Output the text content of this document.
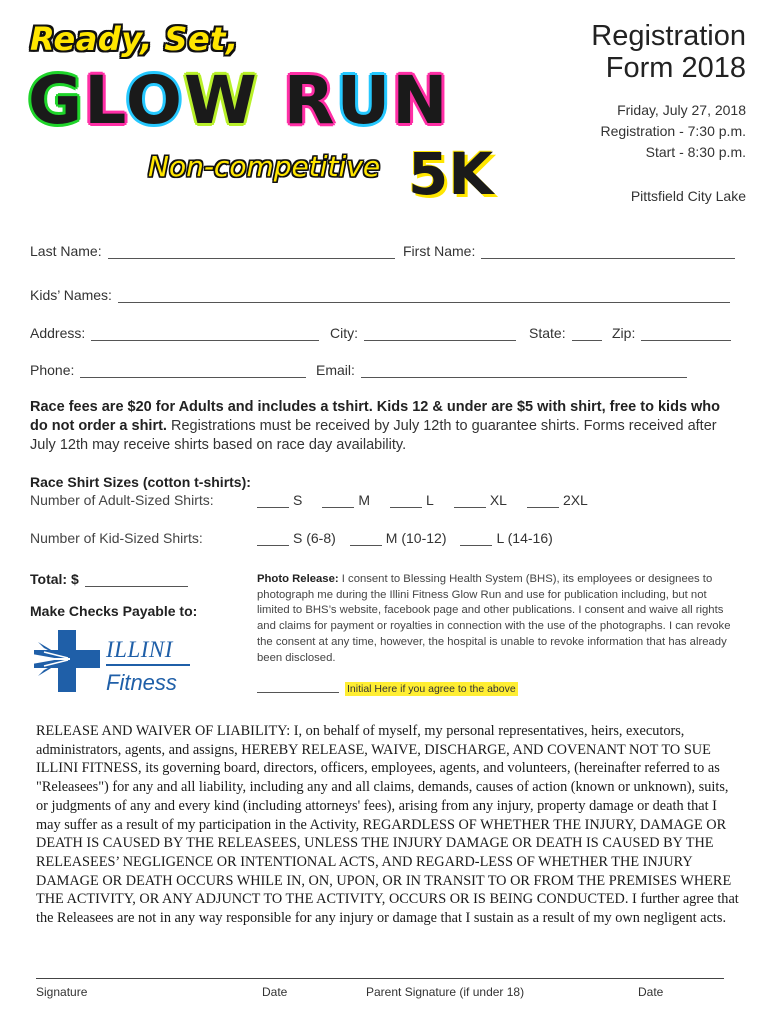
Ready, Set,
GLOW RUN
Non-competitive 5K
Registration
Form 2018
Friday, July 27, 2018
Registration - 7:30 p.m.
Start - 8:30 p.m.
Pittsfield City Lake
Last Name:	First Name:
Kids’ Names:
Address:	City:	State:	Zip:
Phone:	Email:
Race fees are $20 for Adults and includes a tshirt. Kids 12 & under are $5 with shirt, free to kids who do not order a shirt. Registrations must be received by July 12th to guarantee shirts. Forms received after July 12th may receive shirts based on race day availability.
Race Shirt Sizes (cotton t-shirts):
Number of Adult-Sized Shirts:	S	M	L	XL	2XL
Number of Kid-Sized Shirts:	S (6-8)	M (10-12)	L (14-16)
Total: $
Make Checks Payable to:
ILLINI
Fitness
Photo Release: I consent to Blessing Health System (BHS), its employees or designees to photograph me during the Illini Fitness Glow Run and use for publication including, but not limited to BHS’s website, facebook page and other publications. I consent and waive all rights and claims for payment or royalties in connection with the use of the photographs. I can revoke the consent at any time, however, the hospital is unable to revoke information that has already been disclosed.
Initial Here if you agree to the above
RELEASE AND WAIVER OF LIABILITY: I, on behalf of myself, my personal representatives, heirs, executors, administrators, agents, and assigns, HEREBY RELEASE, WAIVE, DISCHARGE, AND COVENANT NOT TO SUE ILLINI FITNESS, its governing board, directors, officers, employees, agents, and volunteers, (hereinafter referred to as "Releasees") for any and all liability, including any and all claims, demands, causes of action (known or unknown), suits, or judgments of any and every kind (including attorneys' fees), arising from any injury, property damage or death that I may suffer as a result of my participation in the Activity, REGARDLESS OF WHETHER THE INJURY, DAMAGE OR DEATH IS CAUSED BY THE RELEASEES, UNLESS THE INJURY DAMAGE OR DEATH IS CAUSED BY THE RELEASEES’ NEGLIGENCE OR INTENTIONAL ACTS, AND REGARD-LESS OF WHETHER THE INJURY DAMAGE OR DEATH OCCURS WHILE IN, ON, UPON, OR IN TRANSIT TO OR FROM THE PREMISES WHERE THE ACTIVITY, OR ANY ADJUNCT TO THE ACTIVITY, OCCURS OR IS BEING CONDUCTED. I further agree that the Releasees are not in any way responsible for any injury or damage that I sustain as a result of my own negligent acts.
Signature	Date	Parent Signature (if under 18)	Date
